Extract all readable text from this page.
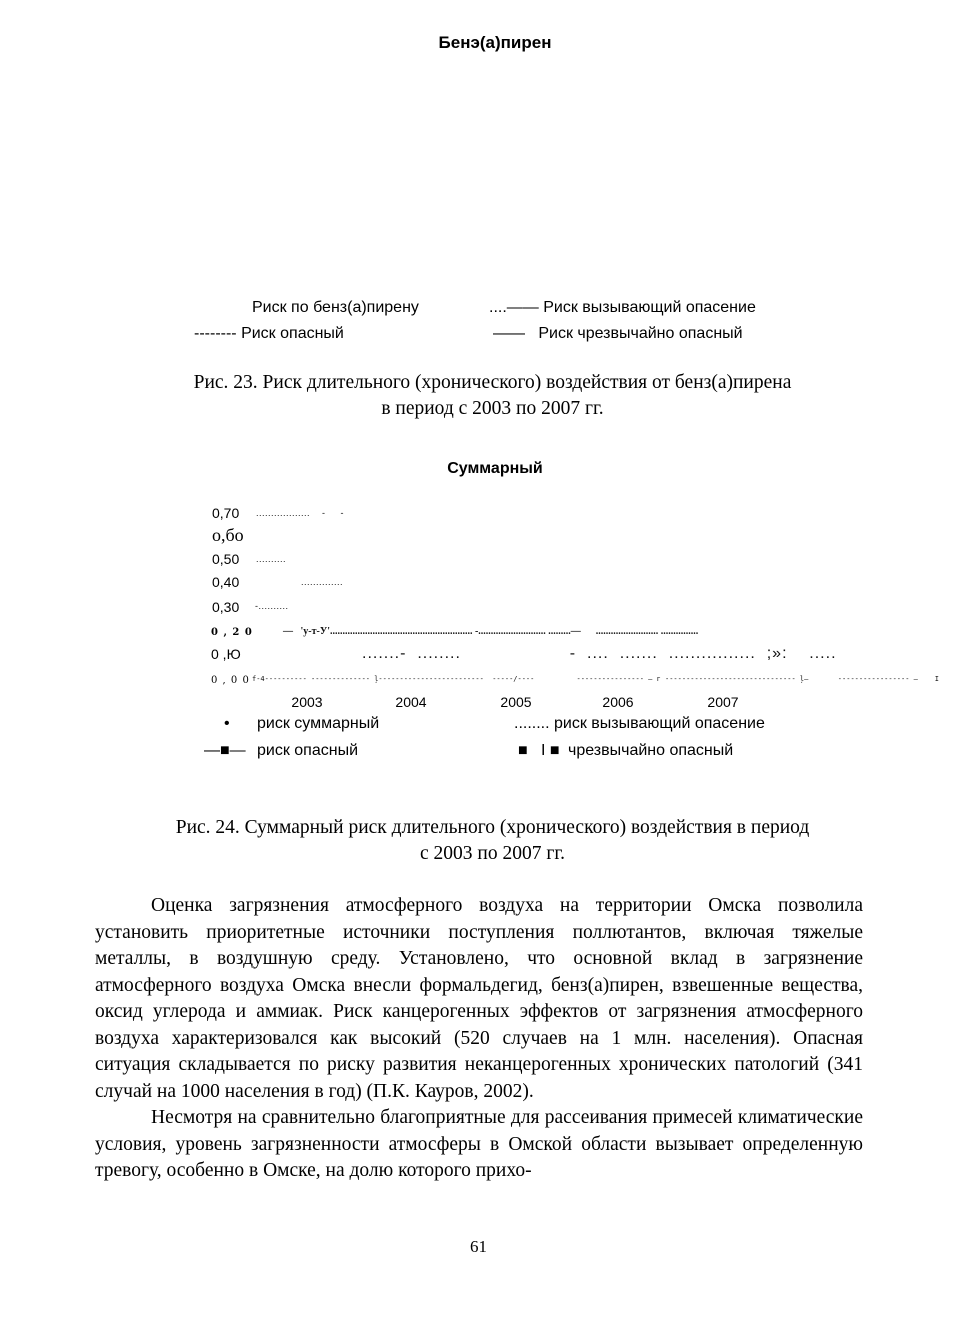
Бенэ(а)пирен
Риск по бенз(а)пирену	....—— Риск вызывающий опасение
-------- Риск опасный	——   Риск чрезвычайно опасный
Рис. 23. Риск длительного (хронического) воздействия от бенз(а)пирена
в период с 2003 по 2007 гг.
Суммарный
0,70
о,бо
0,50
0,40
0,30
0 , 2 0
0 ,Ю
0 , 0 0
..................    -     -
..........
..............
-..........
—   'у-т-У'......................................................... -........................... .........—      ......................... ...............
.......-  ........                    -  ....  .......  ................  ;»:    .....
f-4---------- -------------- ļ-------------------------  -----/----          ---------------- — г ------------------------------- ļ—       ----------------- —    I
2003	2004	2005	2006	2007
• риск суммарный	........ риск вызывающий опасение
—■— риск опасный	■   I ■ чрезвычайно опасный
Рис. 24. Суммарный риск длительного (хронического) воздействия в период
с 2003 по 2007 гг.

Оценка загрязнения атмосферного воздуха на территории Омска позволила установить приоритетные источники поступления поллютантов, включая тяжелые металлы, в воздушную среду. Установлено, что основной вклад в загрязнение атмосферного воздуха Омска внесли формальдегид, бенз(а)пирен, взвешенные вещества, оксид углерода и аммиак. Риск канцерогенных эффектов от загрязнения атмосферного воздуха характеризовался как высокий (520 случаев на 1 млн. населения). Опасная ситуация складывается по риску развития неканцерогенных хронических патологий (341 случай на 1000 населения в год) (П.К. Кауров, 2002).

Несмотря на сравнительно благоприятные для рассеивания примесей климатические условия, уровень загрязненности атмосферы в Омской области вызывает определенную тревогу, особенно в Омске, на долю которого прихо-

61
